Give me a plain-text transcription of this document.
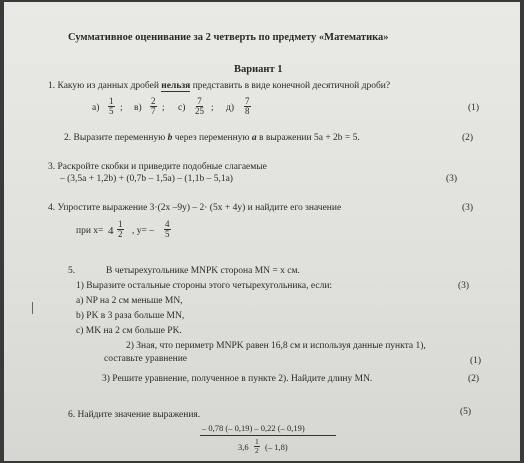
Суммативное оценивание за 2 четверть по предмету «Математика»
Вариант 1
1. Какую из данных дробей нельзя представить в виде конечной десятичной дроби?
$а) \frac{1}{5}$ ; $в) \frac{2}{7}$ ; $с) \frac{7}{25}$ ; $д) \frac{7}{8}$	(1)
2. Выразите переменную b через переменную a в выражении 5a + 2b = 5.	(2)
3. Раскройте скобки и приведите подобные слагаемые
– (3,5a + 1,2b) + (0,7b – 1,5a) – (1,1b – 5,1a)	(3)
4. Упростите выражение 3·(2x –9y) – 2· (5x + 4y) и найдите его значение	(3)
при $x= 4 \frac{1}{2}$ , $y= - \frac{4}{5}$
5.	В четырехугольнике MNPK сторона MN = x см.
1) Выразите остальные стороны этого четырехугольника, если:	(3)
a) NP на 2 см меньше MN,
b) PK в 3 раза больше MN,
c) MK на 2 см больше PK.
2) Зная, что периметр MNPK равен 16,8 см и используя данные пункта 1),
составьте уравнение	(1)
3) Решите уравнение, полученное в пункте 2). Найдите длину MN.	(2)
6. Найдите значение выражения.	(5)
– 0,78 (– 0,19) – 0,22 (– 0,19)
$3,6 \frac{1}{2}$ (– 1,8)
